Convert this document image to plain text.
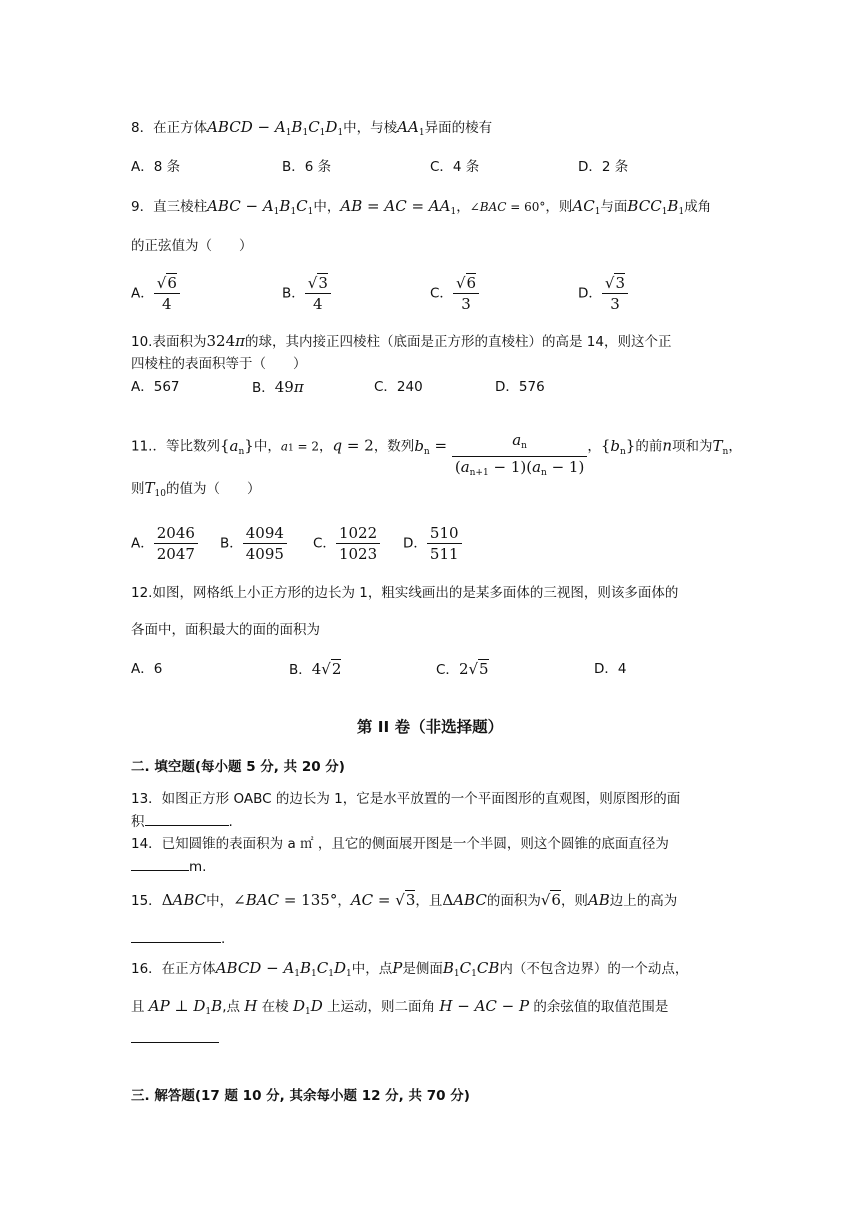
8．在正方体ABCD − $A_1B_1C_1D_1$中，与棱$AA_1$异面的棱有
A．8 条	B．6 条	C．4 条	D．2 条
9．直三棱柱ABC − $A_1B_1C_1$中，AB = AC = $AA_1$，∠BAC = 60°，则$AC_1$与面$BCC_1B_1$成角
的正弦值为（　　）
A． $\frac{√6}{4}$	B． $\frac{√3}{4}$	C． $\frac{√6}{3}$	D． $\frac{√3}{3}$
10.表面积为324π的球，其内接正四棱柱（底面是正方形的直棱柱）的高是 14，则这个正
四棱柱的表面积等于（　　）
A．567	B．49π	C．240	D．576
11.．等比数列$\{a_n\}$中，a1 = 2，q = 2，数列$b_n = \frac{a_n}{(a_{n+1} - 1)(a_n - 1)}$ ，$\{b_n\}$的前n项和为$T_n$，
则$T_{10}$的值为（　　）
A． $\frac{2046}{2047}$ B． $\frac{4094}{4095}$ C． $\frac{1022}{1023}$ D． $\frac{510}{511}$
12.如图，网格纸上小正方形的边长为 1，粗实线画出的是某多面体的三视图，则该多面体的
各面中，面积最大的面的面积为
A．6	B．4√2	C．2√5	D．4
第 II 卷（非选择题）
二. 填空题(每小题 5 分, 共 20 分)
13．如图正方形 OABC 的边长为 1，它是水平放置的一个平面图形的直观图，则原图形的面
积	.
14．已知圆锥的表面积为 a ㎡ ，且它的侧面展开图是一个半圆，则这个圆锥的底面直径为
m.
15．ΔABC中，∠BAC = 135°，AC = √3，且ΔABC的面积为√6，则AB边上的高为
.
16．在正方体ABCD − $A_1B_1C_1D_1$中，点P是侧面$B_1C_1CB$内（不包含边界）的一个动点，
且 AP ⊥ $D_1B$,点 H 在棱 $D_1D$ 上运动，则二面角 H − AC − P 的余弦值的取值范围是
三. 解答题(17 题 10 分, 其余每小题 12 分, 共 70 分)
